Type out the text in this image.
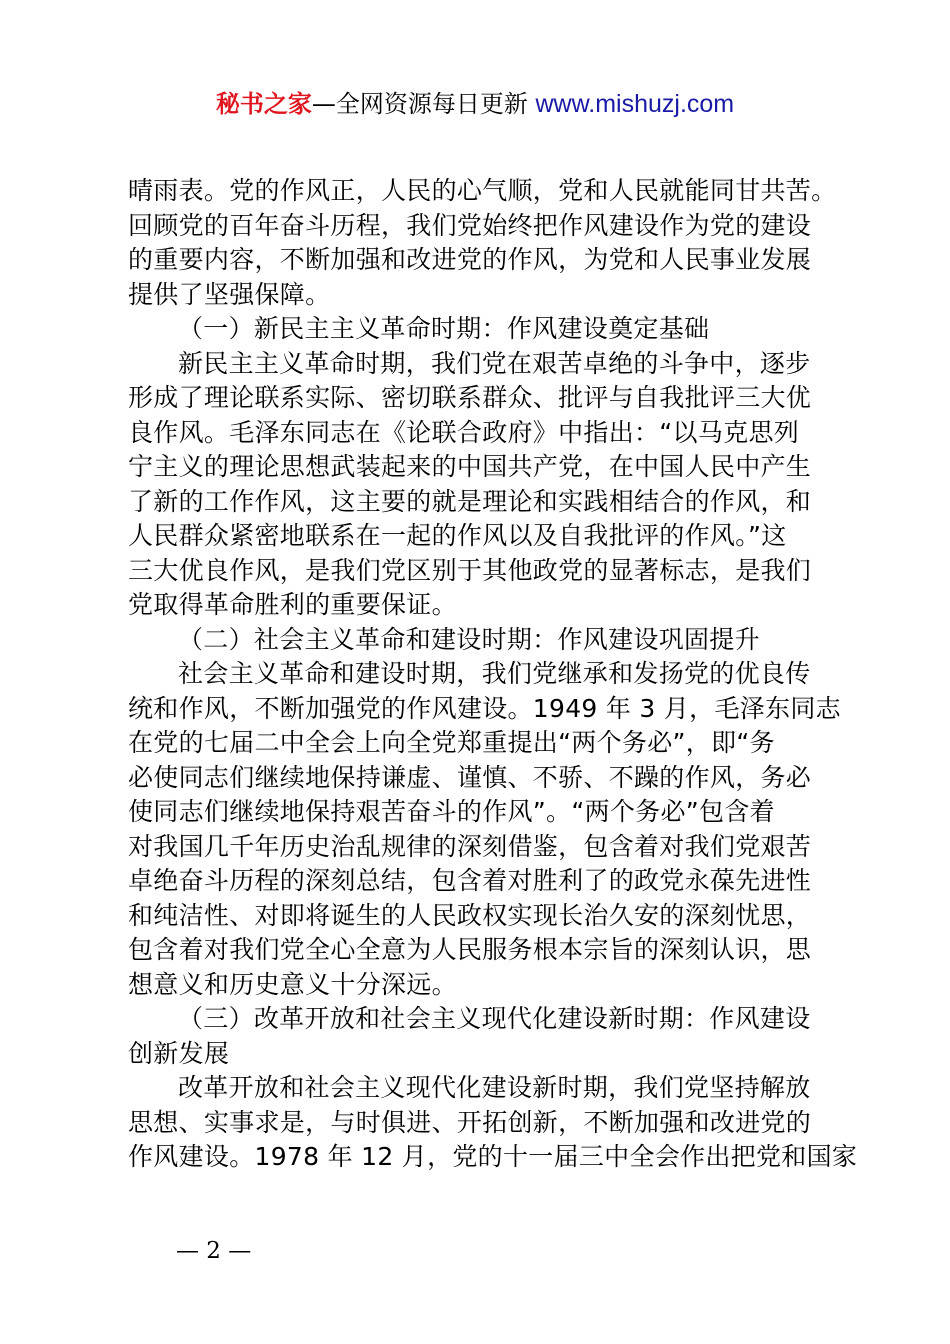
秘书之家—全网资源每日更新 www.mishuzj.com
晴雨表。党的作风正，人民的心气顺，党和人民就能同甘共苦。
回顾党的百年奋斗历程，我们党始终把作风建设作为党的建设
的重要内容，不断加强和改进党的作风，为党和人民事业发展
提供了坚强保障。
（一）新民主主义革命时期：作风建设奠定基础
新民主主义革命时期，我们党在艰苦卓绝的斗争中，逐步
形成了理论联系实际、密切联系群众、批评与自我批评三大优
良作风。毛泽东同志在《论联合政府》中指出：“以马克思列
宁主义的理论思想武装起来的中国共产党，在中国人民中产生
了新的工作作风，这主要的就是理论和实践相结合的作风，和
人民群众紧密地联系在一起的作风以及自我批评的作风。”这
三大优良作风，是我们党区别于其他政党的显著标志，是我们
党取得革命胜利的重要保证。
（二）社会主义革命和建设时期：作风建设巩固提升
社会主义革命和建设时期，我们党继承和发扬党的优良传
统和作风，不断加强党的作风建设。1949 年 3 月，毛泽东同志
在党的七届二中全会上向全党郑重提出“两个务必”，即“务
必使同志们继续地保持谦虚、谨慎、不骄、不躁的作风，务必
使同志们继续地保持艰苦奋斗的作风”。“两个务必”包含着
对我国几千年历史治乱规律的深刻借鉴，包含着对我们党艰苦
卓绝奋斗历程的深刻总结，包含着对胜利了的政党永葆先进性
和纯洁性、对即将诞生的人民政权实现长治久安的深刻忧思，
包含着对我们党全心全意为人民服务根本宗旨的深刻认识，思
想意义和历史意义十分深远。
（三）改革开放和社会主义现代化建设新时期：作风建设
创新发展
改革开放和社会主义现代化建设新时期，我们党坚持解放
思想、实事求是，与时俱进、开拓创新，不断加强和改进党的
作风建设。1978 年 12 月，党的十一届三中全会作出把党和国家
— 2 —
